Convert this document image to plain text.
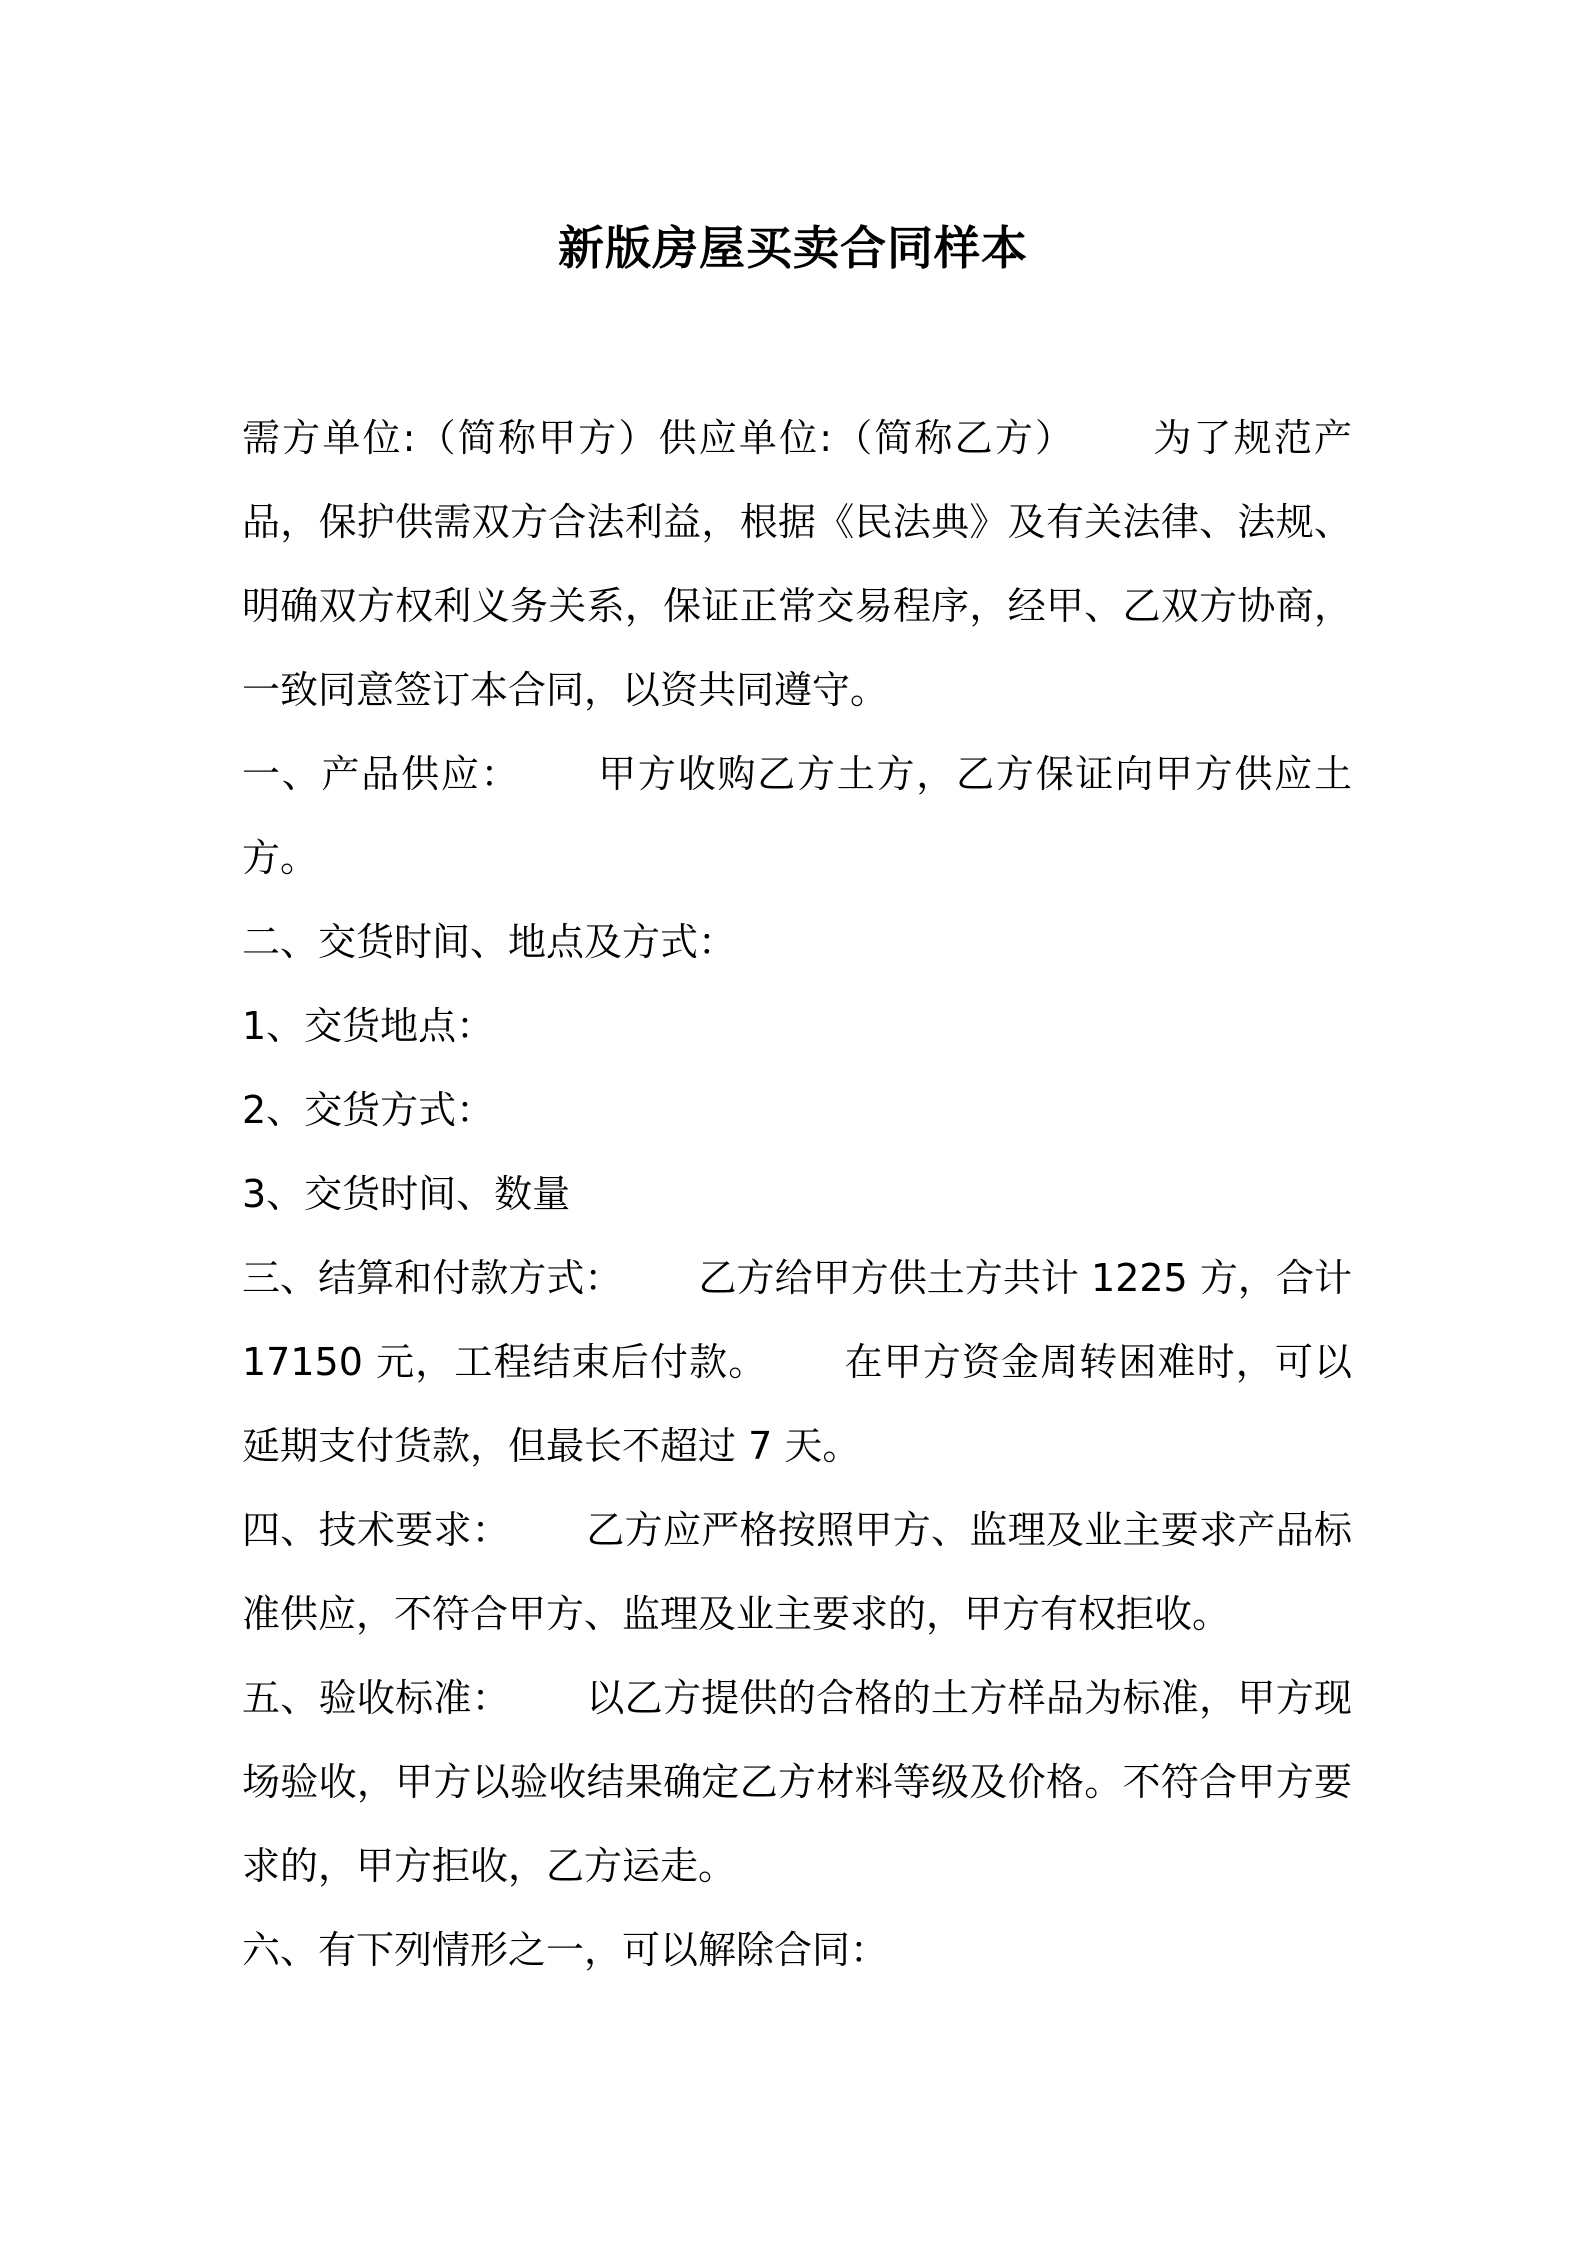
新版房屋买卖合同样本

需方单位:（简称甲方）供应单位:（简称乙方） 为了规范产品，保护供需双方合法利益，根据《民法典》及有关法律、法规、明确双方权利义务关系，保证正常交易程序，经甲、乙双方协商，一致同意签订本合同，以资共同遵守。

一、产品供应： 甲方收购乙方土方，乙方保证向甲方供应土方。

二、交货时间、地点及方式：

1、交货地点：

2、交货方式：

3、交货时间、数量

三、结算和付款方式： 乙方给甲方供土方共计 1225 方，合计 17150 元，工程结束后付款。 在甲方资金周转困难时，可以延期支付货款，但最长不超过 7 天。

四、技术要求： 乙方应严格按照甲方、监理及业主要求产品标准供应，不符合甲方、监理及业主要求的，甲方有权拒收。

五、验收标准： 以乙方提供的合格的土方样品为标准，甲方现场验收，甲方以验收结果确定乙方材料等级及价格。不符合甲方要求的，甲方拒收，乙方运走。

六、有下列情形之一，可以解除合同：
